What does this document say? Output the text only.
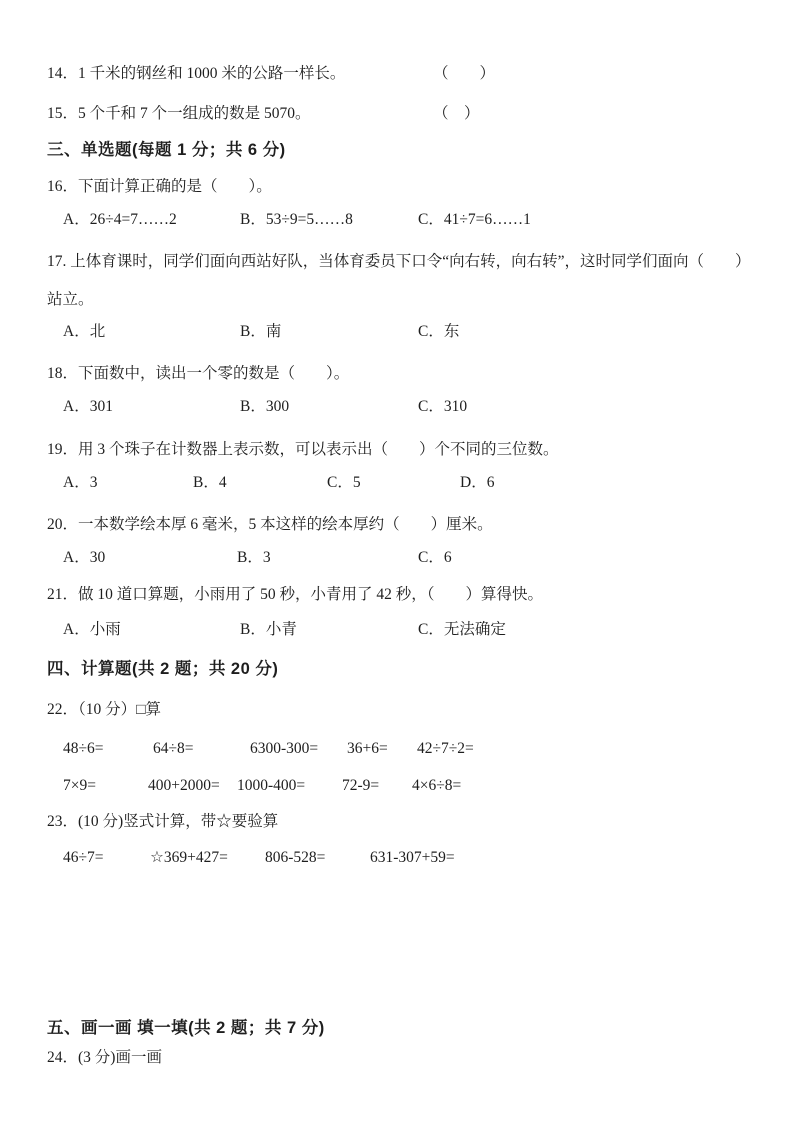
14．1 千米的钢丝和 1000 米的公路一样长。	（　　）
15．5 个千和 7 个一组成的数是 5070。	（　）
三、单选题(每题 1 分；共 6 分)
16．下面计算正确的是（　　）。
A．26÷4=7……2	B．53÷9=5……8	C．41÷7=6……1
17. 上体育课时，同学们面向西站好队，当体育委员下口令“向右转，向右转”，这时同学们面向（　　）
站立。
A．北	B．南	C．东
18．下面数中，读出一个零的数是（　　）。
A．301	B．300	C．310
19．用 3 个珠子在计数器上表示数，可以表示出（　　）个不同的三位数。
A．3	B．4	C．5	D．6
20．一本数学绘本厚 6 毫米，5 本这样的绘本厚约（　　）厘米。
A．30	B．3	C．6
21．做 10 道口算题，小雨用了 50 秒，小青用了 42 秒，（　　）算得快。
A．小雨	B．小青	C．无法确定
四、计算题(共 2 题；共 20 分)
22．（10 分）□算
48÷6=	64÷8=	6300-300= 36+6= 42÷7÷2=
7×9=	400+2000= 1000-400= 72-9= 4×6÷8=
23．(10 分)竖式计算，带☆要验算
46÷7=	☆369+427= 806-528=	631-307+59=
五、画一画 填一填(共 2 题；共 7 分)
24．(3 分)画一画
